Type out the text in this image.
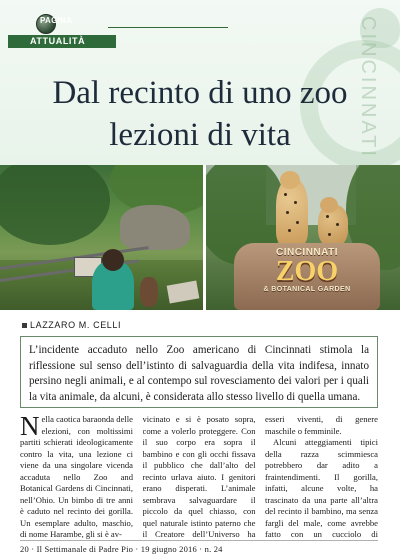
CINCINNATI
PAGINA
ATTUALITÀ
Dal recinto di uno zoo
lezioni di vita
CINCINNATI
ZOO
& BOTANICAL GARDEN
LAZZARO M. CELLI

L’incidente accaduto nello Zoo americano di Cincinnati stimola la riflessione sul senso dell’istinto di salvaguardia della vita indifesa, innato persino negli animali, e al contempo sul rovesciamento dei valori per i quali la vita animale, da alcuni, è considerata allo stesso livello di quella umana.

Nella caotica baraonda delle elezioni, con moltissimi partiti schierati ideologicamente contro la vita, una lezione ci viene da una singolare vicenda accaduta nello Zoo and Botanical Gardens di Cincinnati, nell’Ohio. Un bimbo di tre anni è caduto nel recinto dei gorilla. Un esemplare adulto, maschio, di nome Harambe, gli si è av-

vicinato e si è posato sopra, come a volerlo proteggere. Con il suo corpo era sopra il bambino e con gli occhi fissava il pubblico che dall’alto del recinto urlava aiuto. I genitori erano disperati. L’animale sembrava salvaguardare il piccolo da quel chiasso, con quel naturale istinto paterno che il Creatore dell’Universo ha

esseri viventi, di genere maschile o femminile.

Alcuni atteggiamenti tipici della razza scimmiesca potrebbero dar adito a fraintendimenti. Il gorilla, infatti, alcune volte, ha trascinato da una parte all’altra del recinto il bambino, ma senza fargli del male, come avrebbe fatto con un cucciolo di

20 · Il Settimanale di Padre Pio · 19 giugno 2016 · n. 24
